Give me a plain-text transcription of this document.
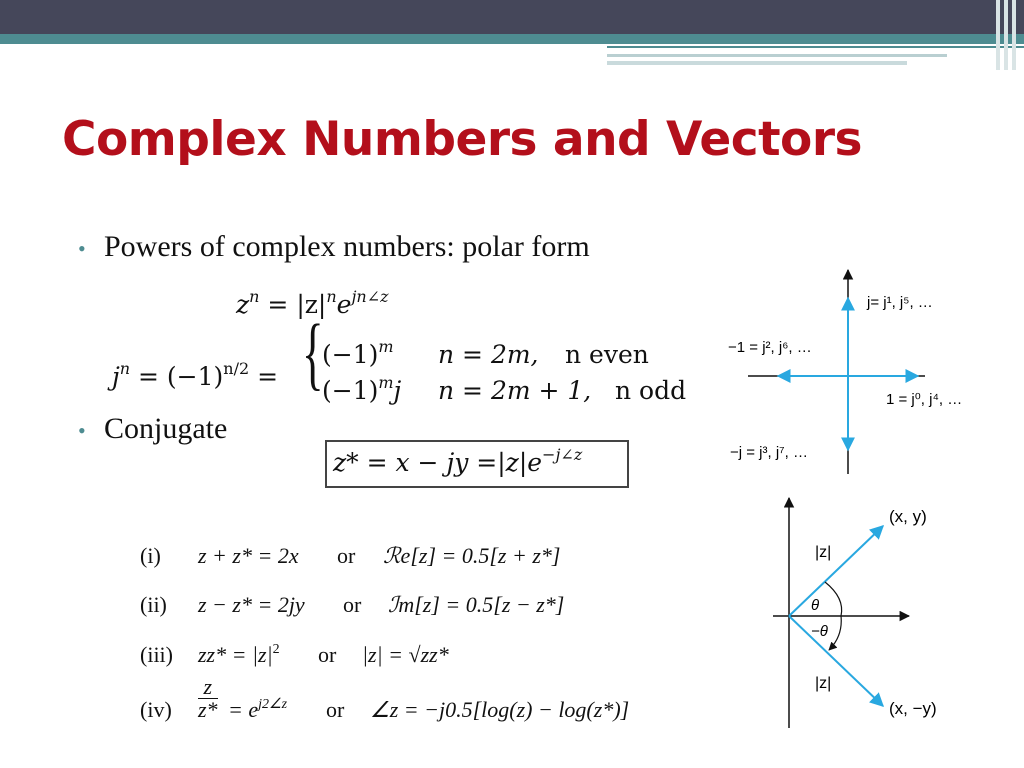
Complex Numbers and Vectors
• Powers of complex numbers: polar form
$z^n = |z|^ne^{jn\angle z}$
$j^n = (-1)^{n/2}$ = {
$(-1)^m$ n = 2m, n even
$(-1)^mj$ n = 2m + 1, n odd
• Conjugate
z* = x − jy $=|z|e^{-j\angle z}$
(i) z + z* = 2x or ℛe[z] = 0.5[z + z*]
(ii) z − z* = 2jy or ℐm[z] = 0.5[z − z*]
(iii) $zz* = |z|^2$ or |z| = √zz*
$(iv) \frac{z}{z*} = e^{j2\angle z}$ or ∠z = −j0.5[log(z) − log(z*)]
j= j¹, j⁵, …
−1 = j², j⁶, …
1 = j⁰, j⁴, …
−j = j³, j⁷, …
|z|
|z|
θ
−θ
(x, y)
(x, −y)
